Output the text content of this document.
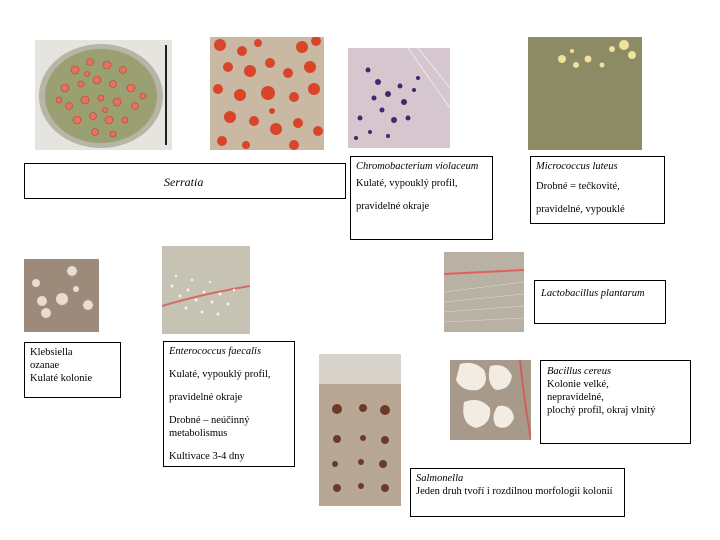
Serratia

Chromobacterium violaceum

Kulaté, vypouklý profil,

pravidelné okraje

Micrococcus luteus

Drobné = tečkovité,

pravidelné, vypouklé

Lactobacillus plantarum

Klebsiella

ozanae

Kulaté kolonie

Enterococcus faecalis

Kulaté, vypouklý profil,

pravidelné okraje

Drobné – neúčinný metabolismus

Kultivace 3-4 dny

Bacillus cereus

Kolonie velké,

nepravidelné,

plochý profil, okraj vlnitý

Salmonella

Jeden druh tvoří i rozdílnou morfologii kolonií
